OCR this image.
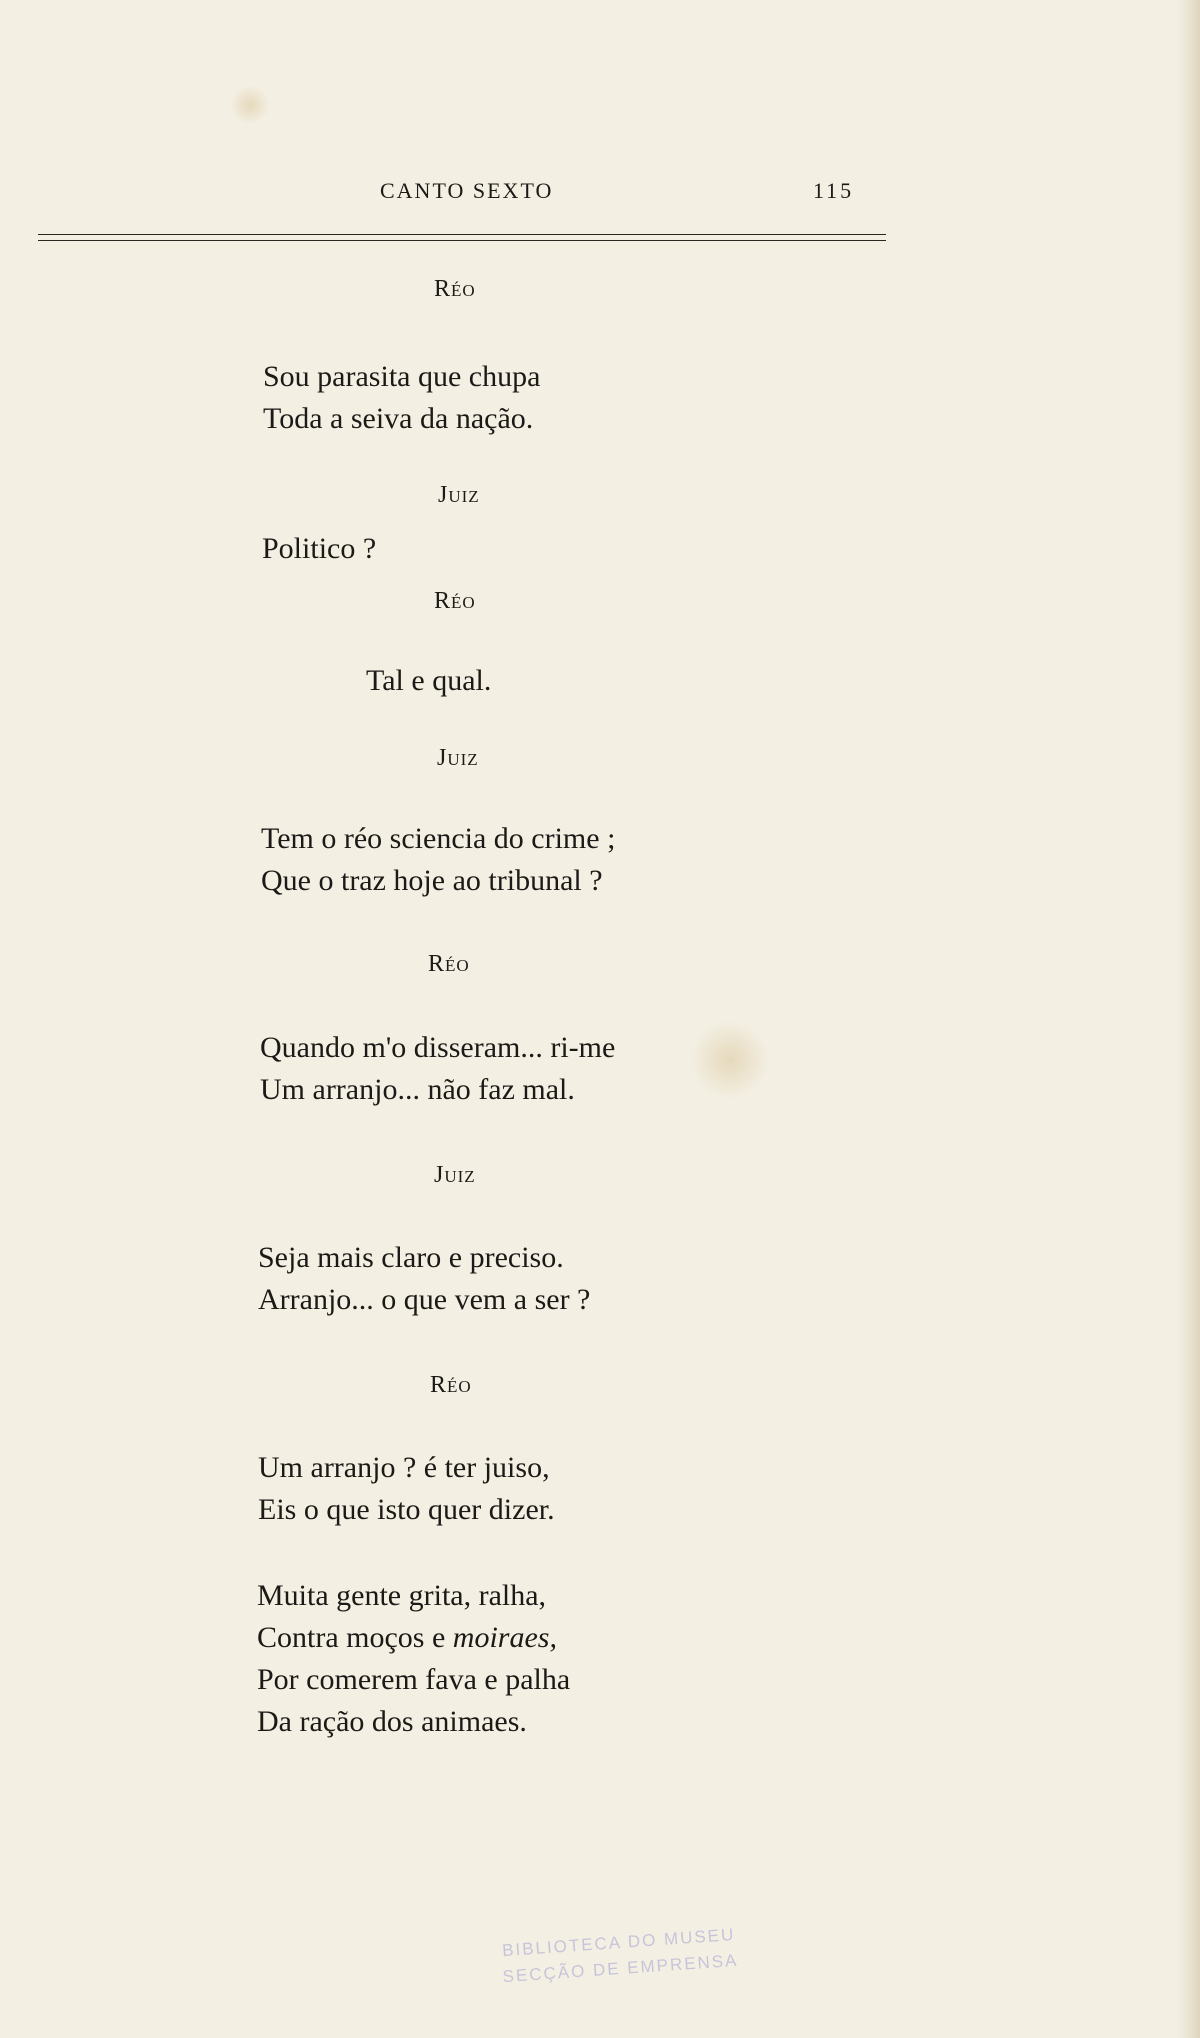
CANTO SEXTO	115
Réo
Sou parasita que chupa
Toda a seiva da nação.
Juiz
Politico ?
Réo
Tal e qual.
Juiz
Tem o réo sciencia do crime ;
Que o traz hoje ao tribunal ?
Réo
Quando m'o disseram... ri-me
Um arranjo... não faz mal.
Juiz
Seja mais claro e preciso.
Arranjo... o que vem a ser ?
Réo
Um arranjo ? é ter juiso,
Eis o que isto quer dizer.
Muita gente grita, ralha,
Contra moços e moiraes,
Por comerem fava e palha
Da ração dos animaes.
BIBLIOTECA DO MUSEU
SECÇÃO DE EMPRENSA
